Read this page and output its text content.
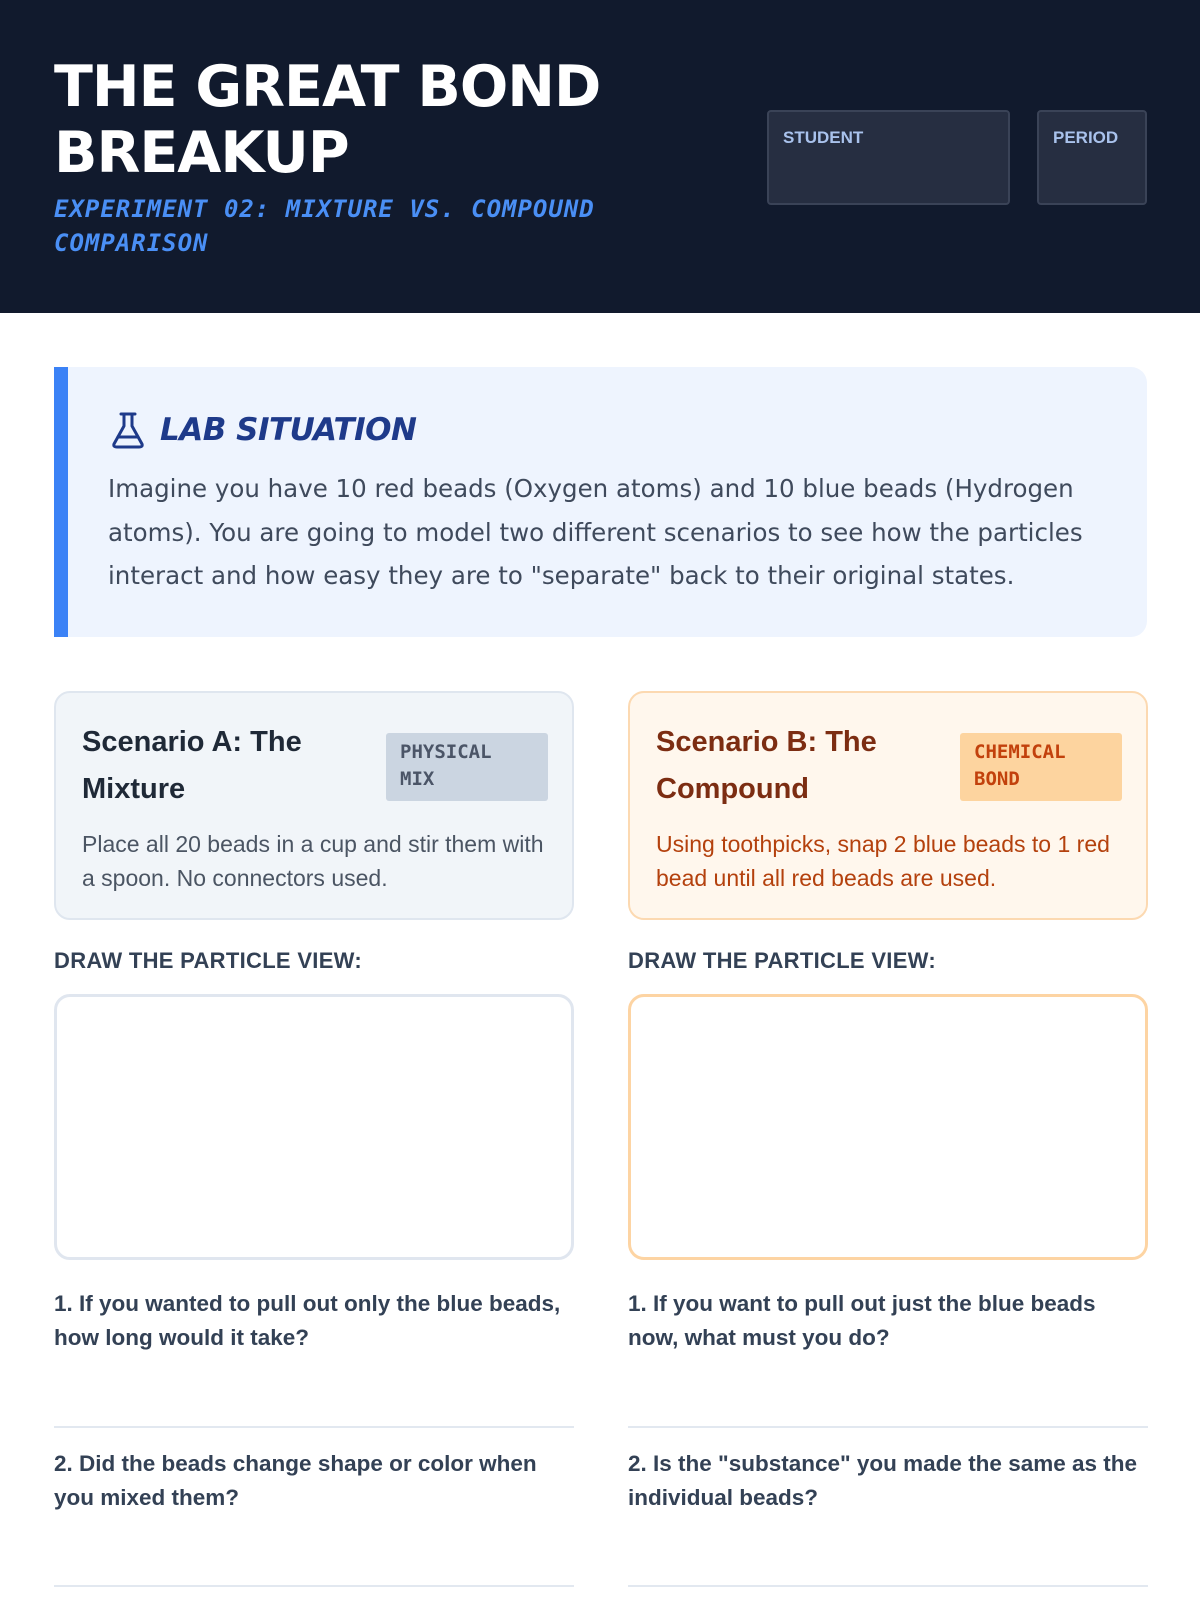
THE GREAT BOND BREAKUP
EXPERIMENT 02: MIXTURE VS. COMPOUND COMPARISON
STUDENT	PERIOD
LAB SITUATION

Imagine you have 10 red beads (Oxygen atoms) and 10 blue beads (Hydrogen atoms). You are going to model two different scenarios to see how the particles interact and how easy they are to "separate" back to their original states.

Scenario A: The Mixture
PHYSICAL MIX
Place all 20 beads in a cup and stir them with a spoon. No connectors used.
Scenario B: The Compound
CHEMICAL BOND
Using toothpicks, snap 2 blue beads to 1 red bead until all red beads are used.
DRAW THE PARTICLE VIEW:	DRAW THE PARTICLE VIEW:
1. If you wanted to pull out only the blue beads, how long would it take?
2. Did the beads change shape or color when you mixed them?
1. If you want to pull out just the blue beads now, what must you do?
2. Is the "substance" you made the same as the individual beads?
